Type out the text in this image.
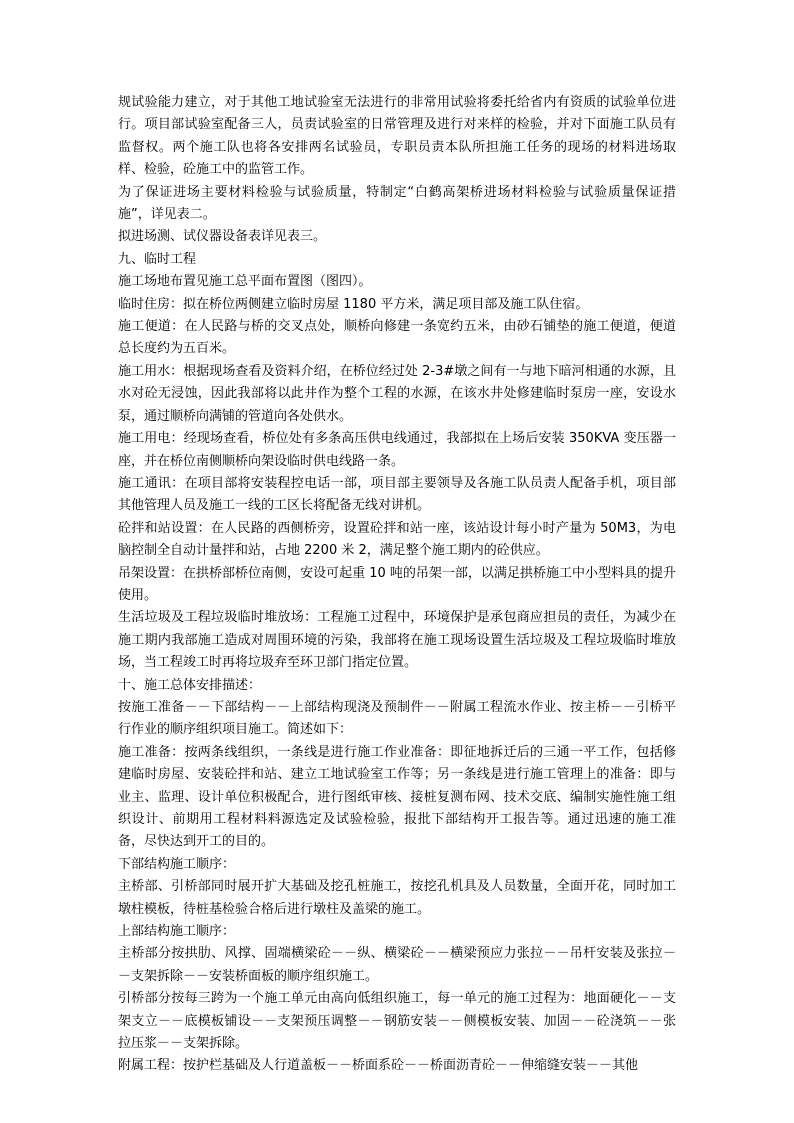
规试验能力建立，对于其他工地试验室无法进行的非常用试验将委托给省内有资质的试验单位进行。项目部试验室配备三人，员责试验室的日常管理及进行对来样的检验，并对下面施工队员有监督权。两个施工队也将各安排两名试验员，专职员责本队所担施工任务的现场的材料进场取样、检验，砼施工中的监管工作。

为了保证进场主要材料检验与试验质量，特制定“白鹤高架桥进场材料检验与试验质量保证措施”，详见表二。

拟进场测、试仪器设备表详见表三。

九、临时工程

施工场地布置见施工总平面布置图（图四）。

临时住房：拟在桥位两侧建立临时房屋 1180 平方米，满足项目部及施工队住宿。

施工便道：在人民路与桥的交叉点处，顺桥向修建一条宽约五米，由砂石铺垫的施工便道，便道总长度约为五百米。

施工用水：根据现场查看及资料介绍，在桥位经过处 2-3#墩之间有一与地下暗河相通的水源，且水对砼无浸蚀，因此我部将以此井作为整个工程的水源，在该水井处修建临时泵房一座，安设水泵，通过顺桥向满铺的管道向各处供水。

施工用电：经现场查看，桥位处有多条高压供电线通过，我部拟在上场后安装 350KVA 变压器一座，并在桥位南侧顺桥向架设临时供电线路一条。

施工通讯：在项目部将安装程控电话一部，项目部主要领导及各施工队员责人配备手机，项目部其他管理人员及施工一线的工区长将配备无线对讲机。

砼拌和站设置：在人民路的西侧桥旁，设置砼拌和站一座，该站设计每小时产量为 50M3，为电脑控制全自动计量拌和站，占地 2200 米 2，满足整个施工期内的砼供应。

吊架设置：在拱桥部桥位南侧，安设可起重 10 吨的吊架一部，以满足拱桥施工中小型料具的提升使用。

生活垃圾及工程垃圾临时堆放场：工程施工过程中，环境保护是承包商应担员的责任，为减少在施工期内我部施工造成对周围环境的污染，我部将在施工现场设置生活垃圾及工程垃圾临时堆放场，当工程竣工时再将垃圾弃至环卫部门指定位置。

十、施工总体安排描述：

按施工准备－－下部结构－－上部结构现浇及预制件－－附属工程流水作业、按主桥－－引桥平行作业的顺序组织项目施工。简述如下：

施工准备：按两条线组织，一条线是进行施工作业准备：即征地拆迁后的三通一平工作，包括修建临时房屋、安装砼拌和站、建立工地试验室工作等；另一条线是进行施工管理上的准备：即与业主、监理、设计单位积极配合，进行图纸审核、接桩复测布网、技术交底、编制实施性施工组织设计、前期用工程材料料源选定及试验检验，报批下部结构开工报告等。通过迅速的施工准备，尽快达到开工的目的。

下部结构施工顺序：

主桥部、引桥部同时展开扩大基础及挖孔桩施工，按挖孔机具及人员数量，全面开花，同时加工墩柱模板，待桩基检验合格后进行墩柱及盖梁的施工。

上部结构施工顺序：

主桥部分按拱肋、风撑、固端横梁砼－－纵、横梁砼－－横梁预应力张拉－－吊杆安装及张拉－－支架拆除－－安装桥面板的顺序组织施工。

引桥部分按每三跨为一个施工单元由高向低组织施工，每一单元的施工过程为：地面硬化－－支架支立－－底模板铺设－－支架预压调整－－钢筋安装－－侧模板安装、加固－－砼浇筑－－张拉压浆－－支架拆除。

附属工程：按护栏基础及人行道盖板－－桥面系砼－－桥面沥青砼－－伸缩缝安装－－其他
